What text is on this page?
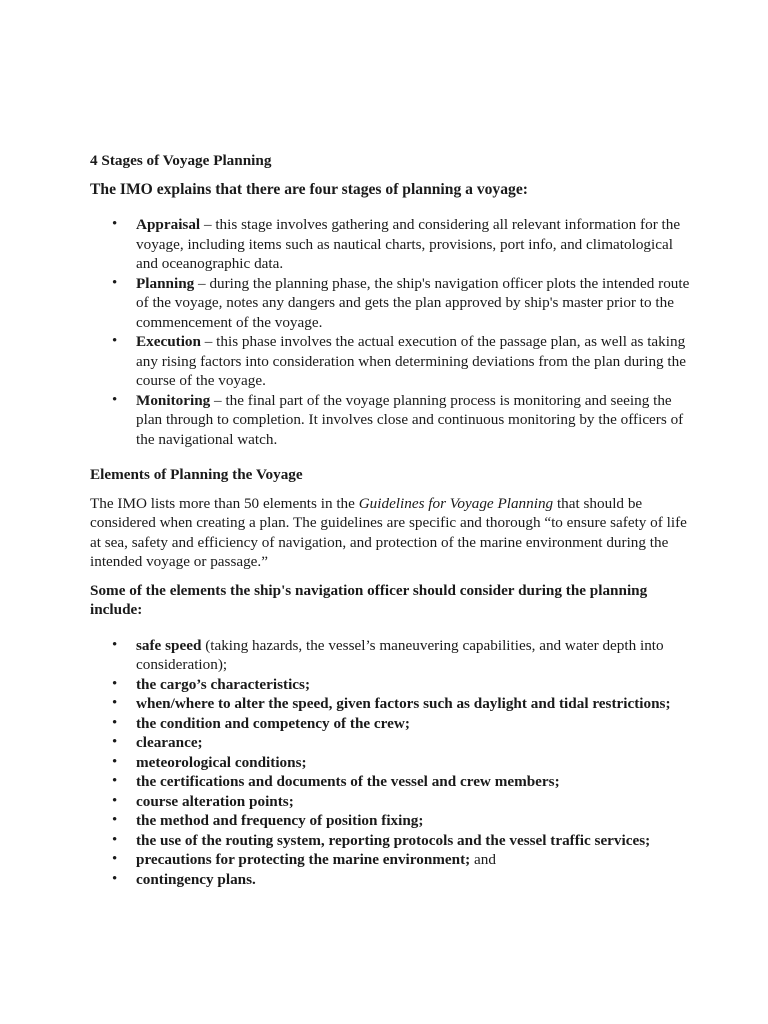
4 Stages of Voyage Planning

The IMO explains that there are four stages of planning a voyage:

• Appraisal – this stage involves gathering and considering all relevant information for the voyage, including items such as nautical charts, provisions, port info, and climatological and oceanographic data.
• Planning – during the planning phase, the ship's navigation officer plots the intended route of the voyage, notes any dangers and gets the plan approved by ship's master prior to the commencement of the voyage.
• Execution – this phase involves the actual execution of the passage plan, as well as taking any rising factors into consideration when determining deviations from the plan during the course of the voyage.
• Monitoring – the final part of the voyage planning process is monitoring and seeing the plan through to completion. It involves close and continuous monitoring by the officers of the navigational watch.

Elements of Planning the Voyage

The IMO lists more than 50 elements in the Guidelines for Voyage Planning that should be considered when creating a plan. The guidelines are specific and thorough “to ensure safety of life at sea, safety and efficiency of navigation, and protection of the marine environment during the intended voyage or passage.”

Some of the elements the ship's navigation officer should consider during the planning include:

• safe speed (taking hazards, the vessel’s maneuvering capabilities, and water depth into consideration);
• the cargo’s characteristics;
• when/where to alter the speed, given factors such as daylight and tidal restrictions;
• the condition and competency of the crew;
• clearance;
• meteorological conditions;
• the certifications and documents of the vessel and crew members;
• course alteration points;
• the method and frequency of position fixing;
• the use of the routing system, reporting protocols and the vessel traffic services;
• precautions for protecting the marine environment; and
• contingency plans.
